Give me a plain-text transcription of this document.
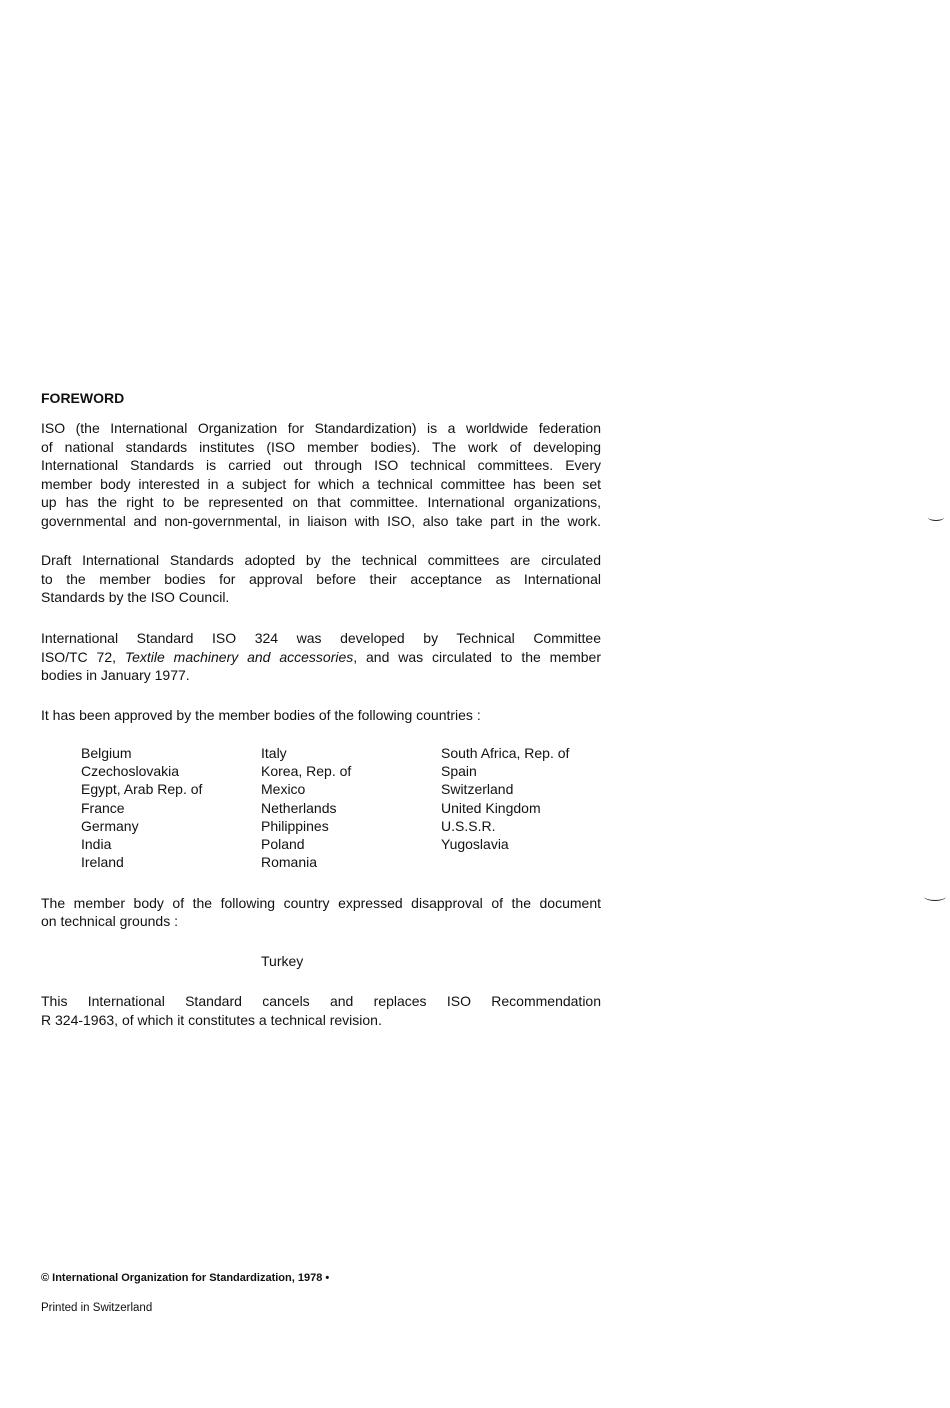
FOREWORD
ISO (the International Organization for Standardization) is a worldwide federation
of national standards institutes (ISO member bodies). The work of developing
International Standards is carried out through ISO technical committees. Every
member body interested in a subject for which a technical committee has been set
up has the right to be represented on that committee. International organizations,
governmental and non-governmental, in liaison with ISO, also take part in the work.
Draft International Standards adopted by the technical committees are circulated
to the member bodies for approval before their acceptance as International
Standards by the ISO Council.
International Standard ISO 324 was developed by Technical Committee
ISO/TC 72, Textile machinery and accessories, and was circulated to the member
bodies in January 1977.
It has been approved by the member bodies of the following countries :
Belgium
Czechoslovakia
Egypt, Arab Rep. of
France
Germany
India
Ireland
Italy
Korea, Rep. of
Mexico
Netherlands
Philippines
Poland
Romania
South Africa, Rep. of
Spain
Switzerland
United Kingdom
U.S.S.R.
Yugoslavia
The member body of the following country expressed disapproval of the document
on technical grounds :
Turkey
This International Standard cancels and replaces ISO Recommendation
R 324-1963, of which it constitutes a technical revision.
© International Organization for Standardization, 1978 •
Printed in Switzerland
